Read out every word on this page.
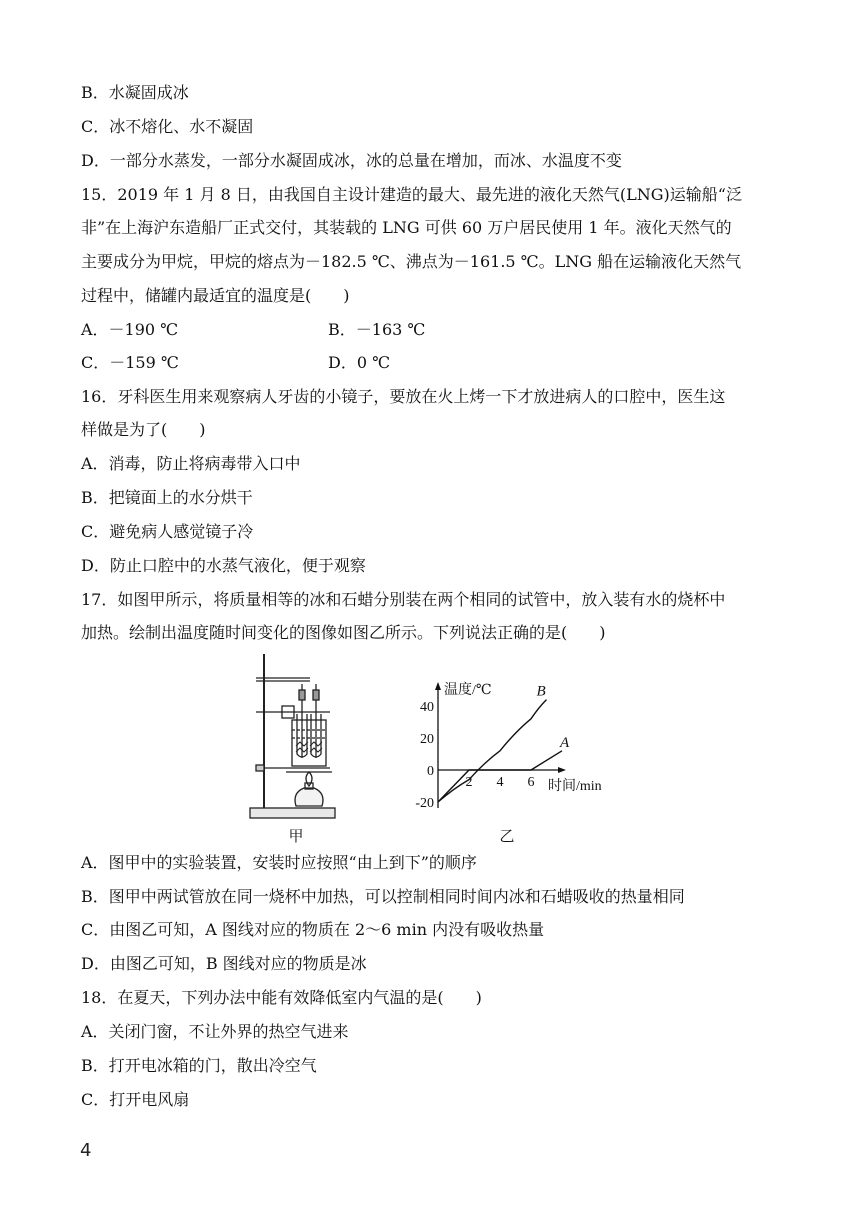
B．水凝固成冰
C．冰不熔化、水不凝固
D．一部分水蒸发，一部分水凝固成冰，冰的总量在增加，而冰、水温度不变
15．2019 年 1 月 8 日，由我国自主设计建造的最大、最先进的液化天然气(LNG)运输船“泛
非”在上海沪东造船厂正式交付，其装载的 LNG 可供 60 万户居民使用 1 年。液化天然气的
主要成分为甲烷，甲烷的熔点为－182.5 ℃、沸点为－161.5 ℃。LNG 船在运输液化天然气
过程中，储罐内最适宜的温度是(　　)
A．－190 ℃	B．－163 ℃
C．－159 ℃	D．0 ℃
16．牙科医生用来观察病人牙齿的小镜子，要放在火上烤一下才放进病人的口腔中，医生这
样做是为了(　　)
A．消毒，防止将病毒带入口中
B．把镜面上的水分烘干
C．避免病人感觉镜子冷
D．防止口腔中的水蒸气液化，便于观察
17．如图甲所示，将质量相等的冰和石蜡分别装在两个相同的试管中，放入装有水的烧杯中
加热。绘制出温度随时间变化的图像如图乙所示。下列说法正确的是(　　)
甲
温度/℃
时间/min
40
20
0
-20
2 4 6
A
B
乙
A．图甲中的实验装置，安装时应按照“由上到下”的顺序
B．图甲中两试管放在同一烧杯中加热，可以控制相同时间内冰和石蜡吸收的热量相同
C．由图乙可知，A 图线对应的物质在 2～6 min 内没有吸收热量
D．由图乙可知，B 图线对应的物质是冰
18．在夏天，下列办法中能有效降低室内气温的是(　　)
A．关闭门窗，不让外界的热空气进来
B．打开电冰箱的门，散出冷空气
C．打开电风扇
4
